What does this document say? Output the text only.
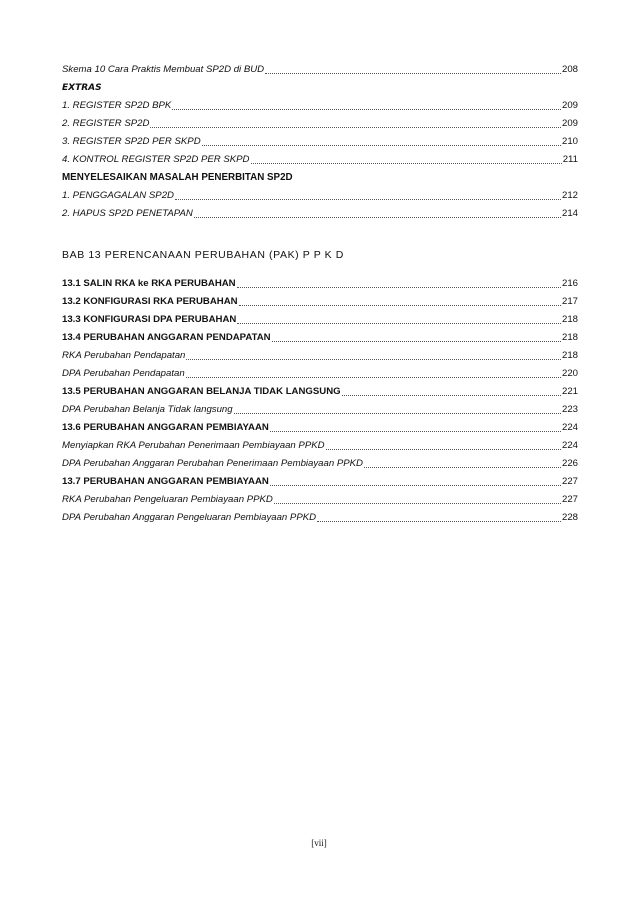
Skema 10 Cara Praktis Membuat SP2D di BUD	208
EXTRAS
1. REGISTER SP2D BPK	209
2. REGISTER SP2D	209
3. REGISTER SP2D PER SKPD	210
4. KONTROL REGISTER SP2D PER SKPD	211
MENYELESAIKAN MASALAH PENERBITAN SP2D
1. PENGGAGALAN SP2D	212
2. HAPUS SP2D PENETAPAN	214
BAB 13 PERENCANAAN PERUBAHAN (PAK) P P K D
13.1 SALIN RKA ke RKA PERUBAHAN	216
13.2 KONFIGURASI RKA PERUBAHAN	217
13.3 KONFIGURASI DPA PERUBAHAN	218
13.4 PERUBAHAN ANGGARAN PENDAPATAN	218
RKA Perubahan Pendapatan	218
DPA Perubahan Pendapatan	220
13.5 PERUBAHAN ANGGARAN BELANJA TIDAK LANGSUNG	221
DPA Perubahan Belanja Tidak langsung	223
13.6 PERUBAHAN ANGGARAN PEMBIAYAAN	224
Menyiapkan RKA Perubahan Penerimaan Pembiayaan PPKD	224
DPA Perubahan Anggaran Perubahan Penerimaan Pembiayaan PPKD	226
13.7 PERUBAHAN ANGGARAN PEMBIAYAAN	227
RKA Perubahan Pengeluaran Pembiayaan PPKD	227
DPA Perubahan Anggaran Pengeluaran Pembiayaan PPKD	228
[vii]
